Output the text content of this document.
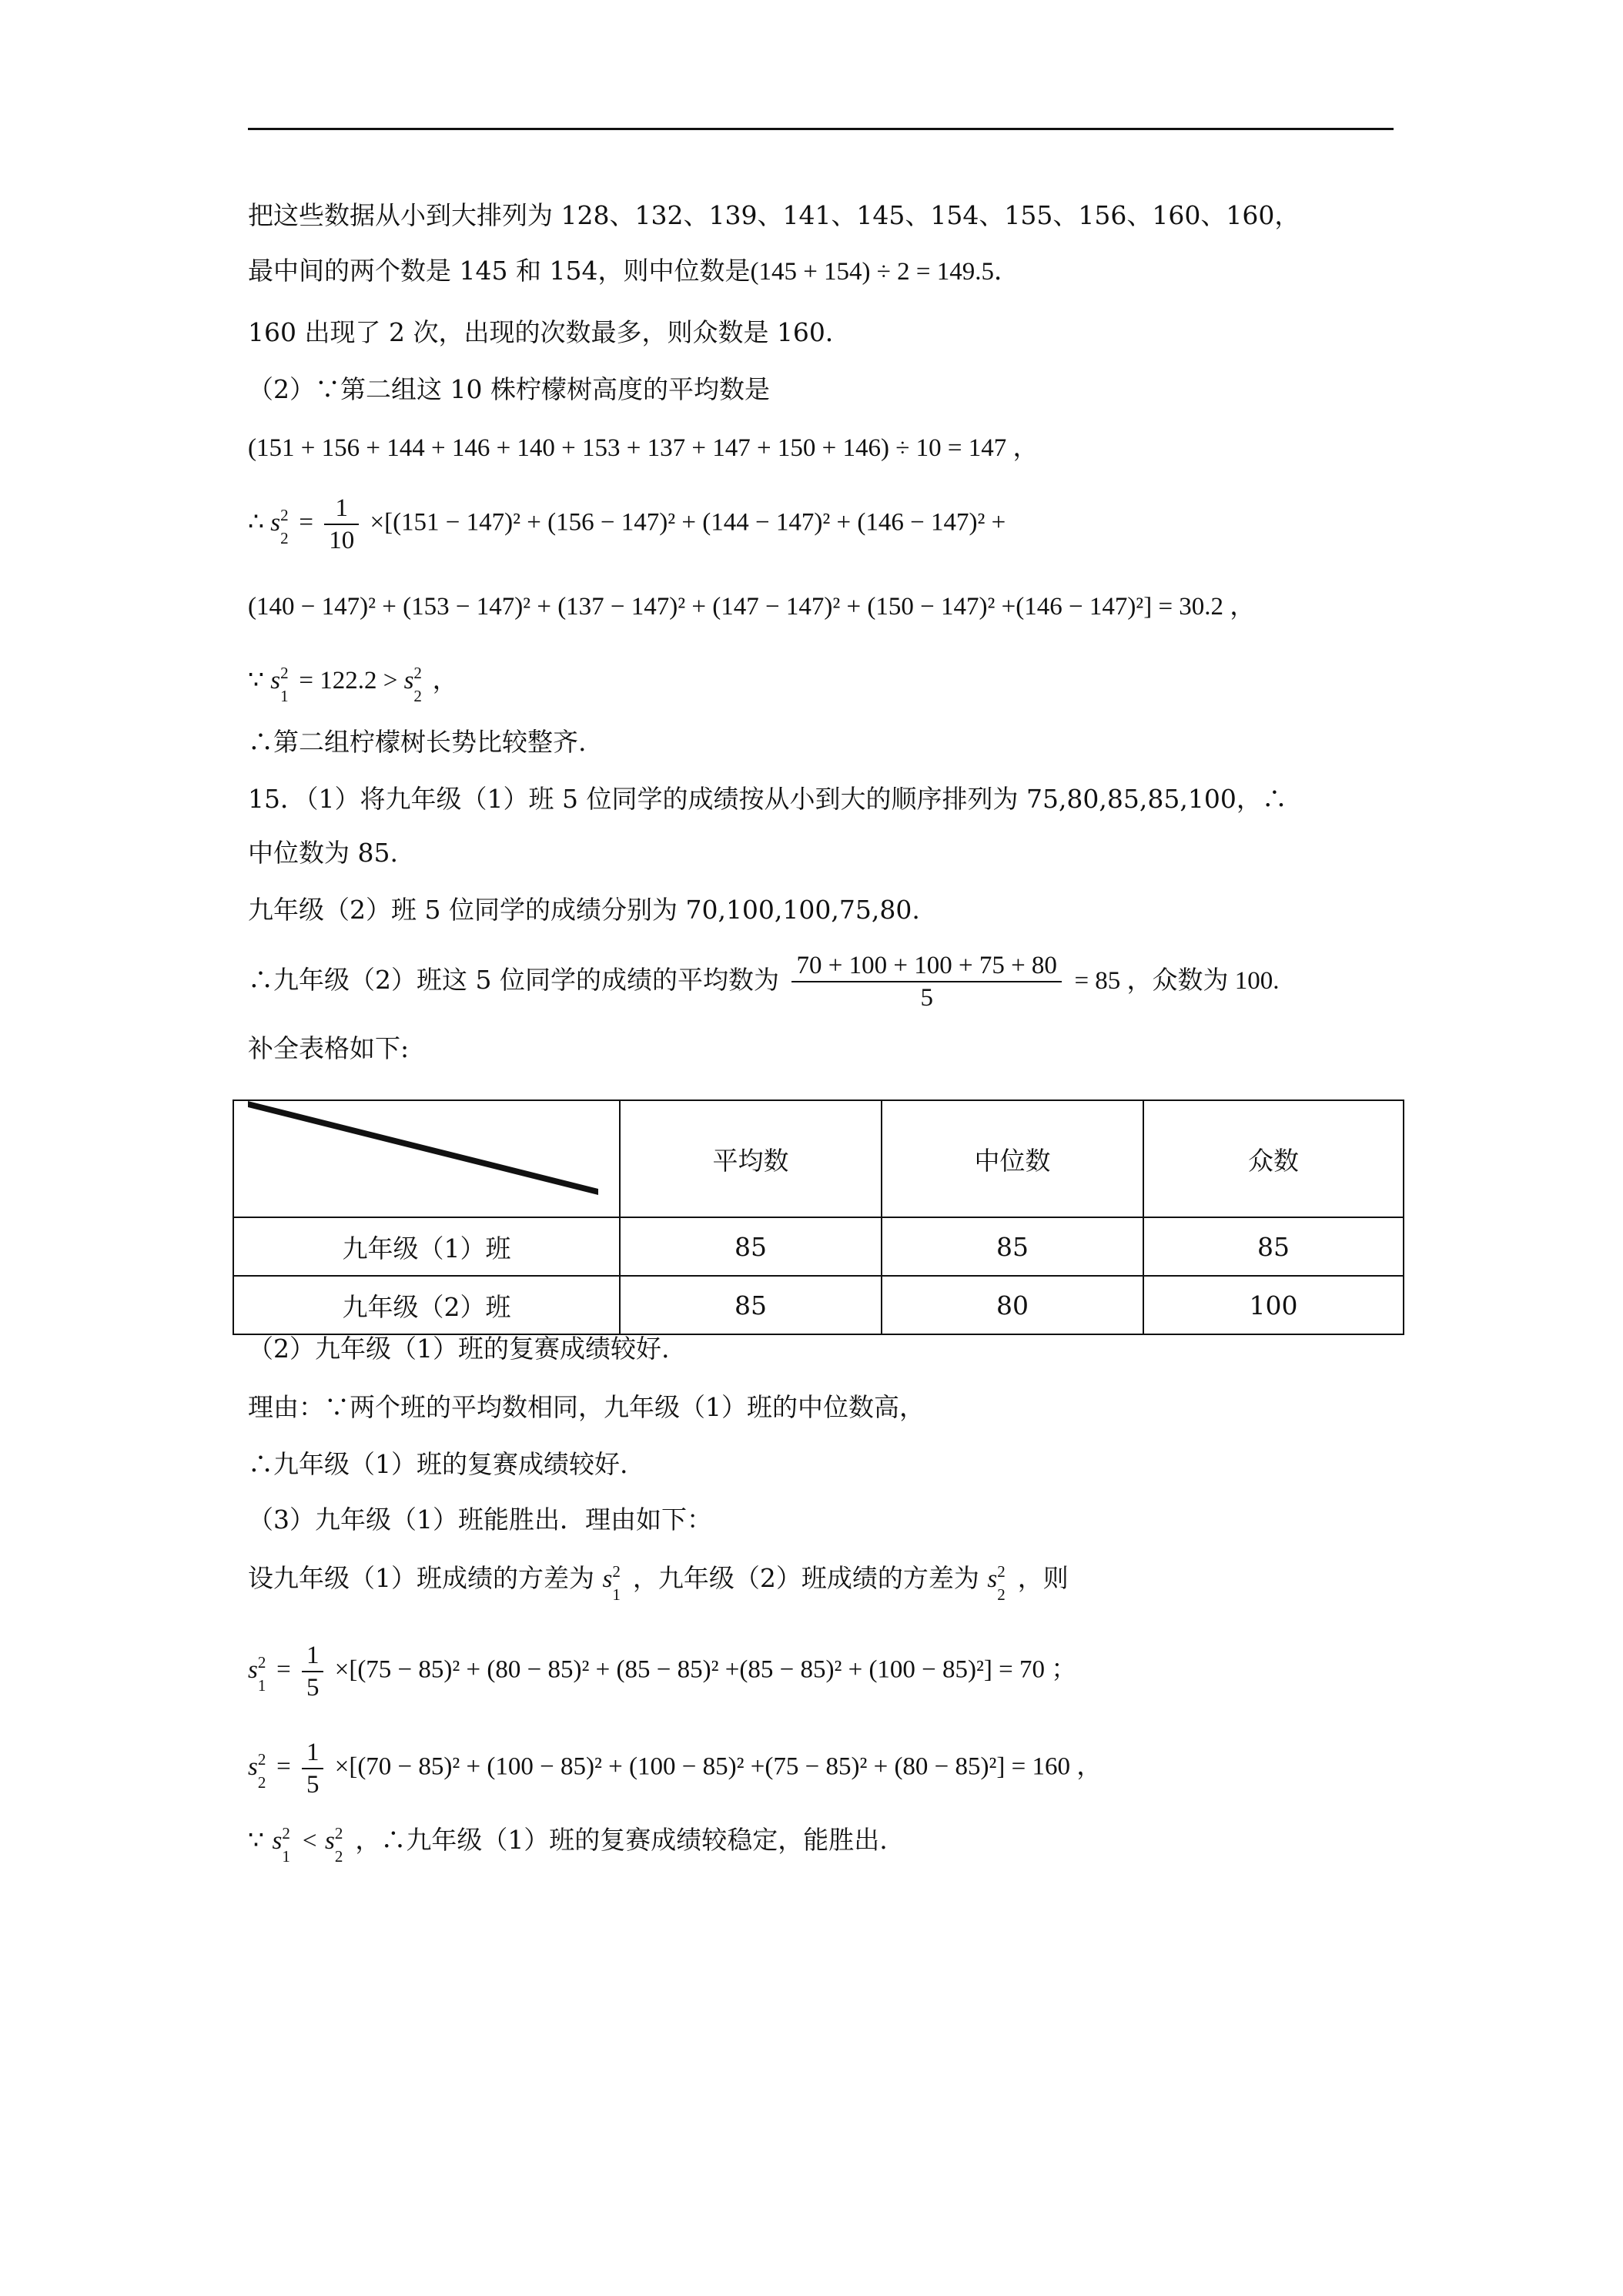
把这些数据从小到大排列为 128、132、139、141、145、154、155、156、160、160，
最中间的两个数是 145 和 154，则中位数是(145 + 154) ÷ 2 = 149.5．
160 出现了 2 次，出现的次数最多，则众数是 160．
（2）∵第二组这 10 株柠檬树高度的平均数是
(151 + 156 + 144 + 146 + 140 + 153 + 137 + 147 + 150 + 146) ÷ 10 = 147 ，
∴ s 2
2
= $\frac{1}{10} \times[(151 - 147)^2 + (156 - 147)^2 + (144 - 147)^2 + (146 - 147)^2$ +
(140 − 147)² + (153 − 147)² + (137 − 147)² + (147 − 147)² + (150 − 147)² +(146 − 147)²] = 30.2 ，
∵ s 2
1
= 122.2 > s 2
2
，
∴第二组柠檬树长势比较整齐.
15．（1）将九年级（1）班 5 位同学的成绩按从小到大的顺序排列为 75,80,85,85,100，∴
中位数为 85.
九年级（2）班 5 位同学的成绩分别为 70,100,100,75,80.
∴九年级（2）班这 5 位同学的成绩的平均数为 $\frac{70 + 100 + 100 + 75 + 80}{5} = 85$ ，众数为 100.
补全表格如下:
	平均数	中位数	众数
九年级（1）班	85	85	85
九年级（2）班	85	80	100
（2）九年级（1）班的复赛成绩较好.
理由：∵两个班的平均数相同，九年级（1）班的中位数高，
∴九年级（1）班的复赛成绩较好.
（3）九年级（1）班能胜出．理由如下：
设九年级（1）班成绩的方差为 s 2
1
，九年级（2）班成绩的方差为 s 2
2
，则
s 2
1
= $\frac{1}{5} \times[(75 - 85)^2 + (80 - 85)^2 + (85 - 85)^2 +(85 - 85)^2 + (100 - 85)^2] = 70$ ；
s 2
2
= $\frac{1}{5} \times[(70 - 85)^2 + (100 - 85)^2 + (100 - 85)^2 +(75 - 85)^2 + (80 - 85)^2] = 160$ ，
∵ s 2
1
< s 2
2
，∴九年级（1）班的复赛成绩较稳定，能胜出.
